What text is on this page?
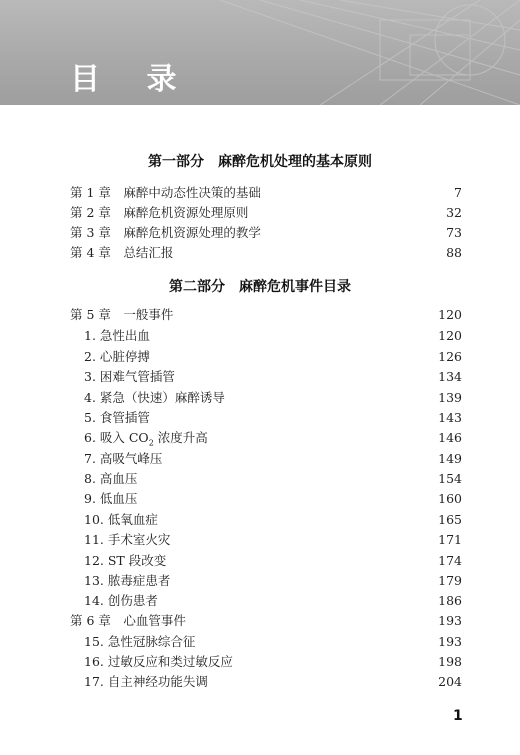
目 录
第一部分　麻醉危机处理的基本原则
第 1 章　麻醉中动态性决策的基础	7
第 2 章　麻醉危机资源处理原则	32
第 3 章　麻醉危机资源处理的教学	73
第 4 章　总结汇报	88
第二部分　麻醉危机事件目录
第 5 章　一般事件	120
1. 急性出血	120
2. 心脏停搏	126
3. 困难气管插管	134
4. 紧急（快速）麻醉诱导	139
5. 食管插管	143
6. 吸入 $CO_2$ 浓度升高	146
7. 高吸气峰压	149
8. 高血压	154
9. 低血压	160
10. 低氧血症	165
11. 手术室火灾	171
12. ST 段改变	174
13. 脓毒症患者	179
14. 创伤患者	186
第 6 章　心血管事件	193
15. 急性冠脉综合征	193
16. 过敏反应和类过敏反应	198
17. 自主神经功能失调	204
1
